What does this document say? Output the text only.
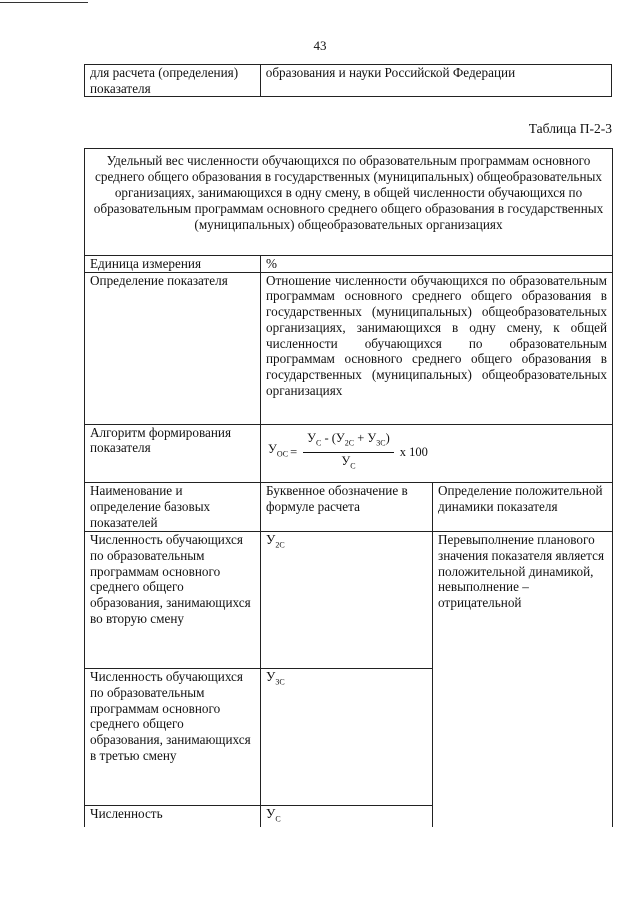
43
для расчета (определения) показателя	образования и науки Российской Федерации
Таблица П-2-3
Удельный вес численности обучающихся по образовательным программам основного среднего общего образования в государственных (муниципальных) общеобразовательных организациях, занимающихся в одну смену, в общей численности обучающихся по образовательным программам основного среднего общего образования в государственных (муниципальных) общеобразовательных организациях		
Единица измерения	%	
Определение показателя	Отношение численности обучающихся по образовательным программам основного среднего общего образования в государственных (муниципальных) общеобразовательных организациях, занимающихся в одну смену, к общей численности обучающихся по образовательным программам основного среднего общего образования в государственных (муниципальных) общеобразовательных организациях	
Алгоритм формирования показателя	$У_{ОС} = \frac{У_С - (У_{2С} + У_{3С})}{У_С}$ х 100	

Наименование и определение базовых показателей	Буквенное обозначение в формуле расчета	Определение положительной динамики показателя
Численность обучающихся по образовательным программам основного среднего общего образования, занимающихся во вторую смену	$У_{2С}$	Перевыполнение планового значения показателя является положительной динамикой, невыполнение – отрицательной
Численность обучающихся по образовательным программам основного среднего общего образования, занимающихся в третью смену	$У_{3С}$
Численность	$У_С$
